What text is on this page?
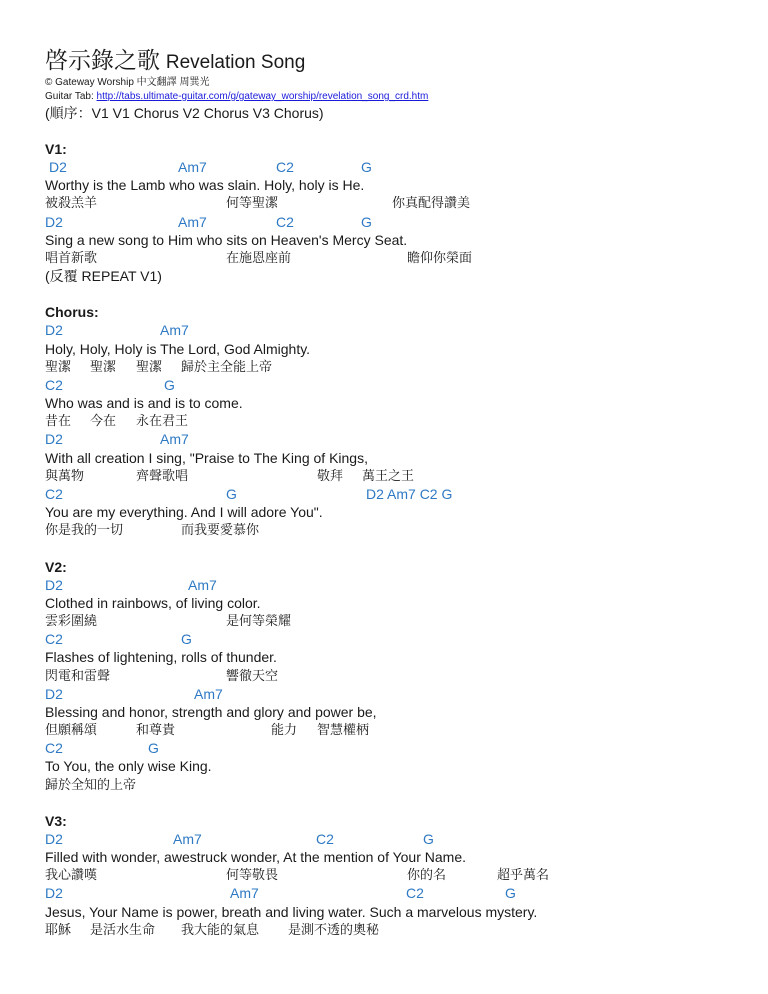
啓示錄之歌 Revelation Song
© Gateway Worship 中文翻譯 周巽光
Guitar Tab: http://tabs.ultimate-guitar.com/g/gateway_worship/revelation_song_crd.htm
(順序：V1 V1 Chorus V2 Chorus V3 Chorus)
V1:
D2	Am7	C2	G
Worthy is the Lamb who was slain. Holy, holy is He.
被殺羔羊	何等聖潔	你真配得讚美
D2	Am7	C2	G
Sing a new song to Him who sits on Heaven's Mercy Seat.
唱首新歌	在施恩座前	瞻仰你榮面
(反覆 REPEAT V1)
Chorus:
D2	Am7
Holy, Holy, Holy is The Lord, God Almighty.
聖潔 聖潔 聖潔 歸於主全能上帝
C2	G
Who was and is and is to come.
昔在 今在 永在君王
D2	Am7
With all creation I sing, "Praise to The King of Kings,
與萬物	齊聲歌唱	敬拜 萬王之王
C2	G	D2 Am7 C2 G
You are my everything. And I will adore You".
你是我的一切	而我要愛慕你
V2:
D2	Am7
Clothed in rainbows, of living color.
雲彩圍繞	是何等榮耀
C2	G
Flashes of lightening, rolls of thunder.
閃電和雷聲	響徹天空
D2	Am7
Blessing and honor, strength and glory and power be,
但願稱頌	和尊貴	能力 智慧權柄
C2	G
To You, the only wise King.
歸於全知的上帝
V3:
D2	Am7	C2	G
Filled with wonder, awestruck wonder, At the mention of Your Name.
我心讚嘆	何等敬畏	你的名	超乎萬名
D2	Am7	C2	G
Jesus, Your Name is power, breath and living water. Such a marvelous mystery.
耶穌 是活水生命 我大能的氣息 是測不透的奧秘
